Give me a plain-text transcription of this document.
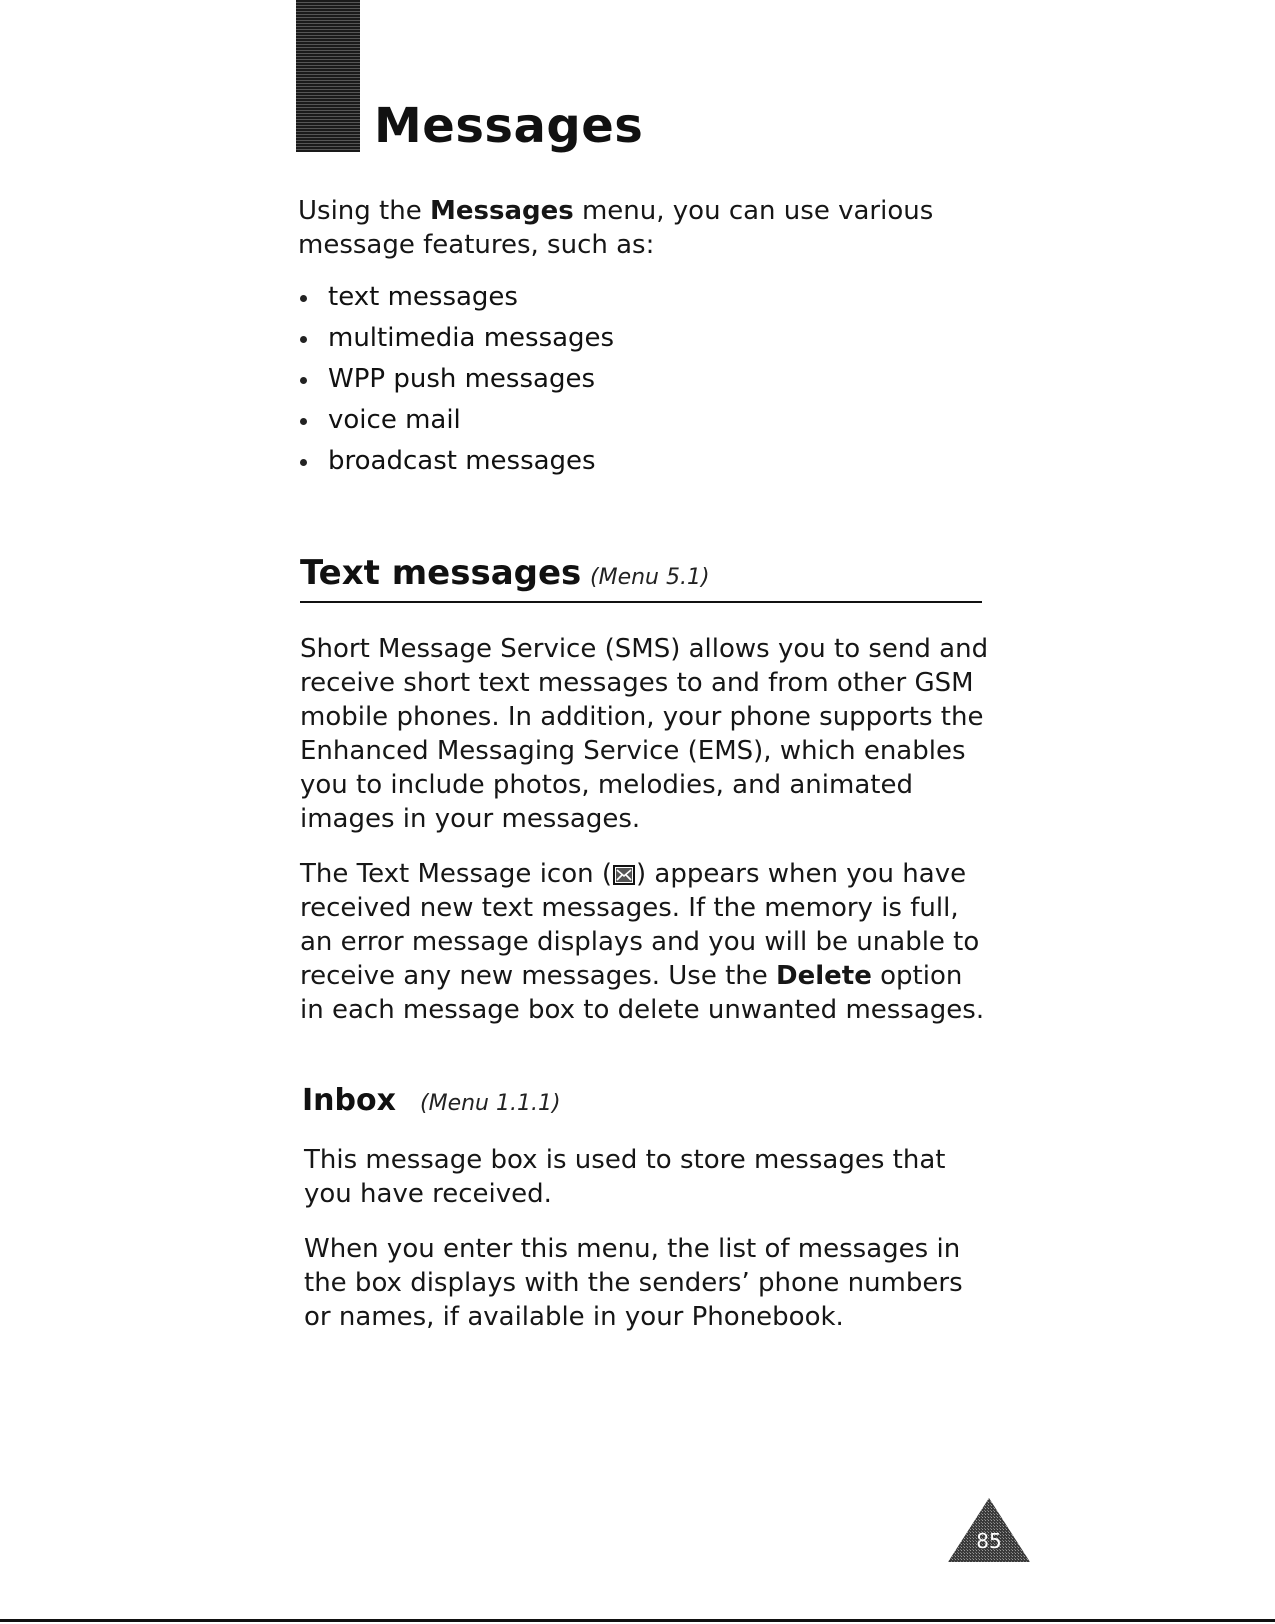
Messages

Using the Messages menu, you can use various message features, such as:

text messages
multimedia messages
WPP push messages
voice mail
broadcast messages
Text messages (Menu 5.1)

Short Message Service (SMS) allows you to send and receive short text messages to and from other GSM mobile phones. In addition, your phone supports the Enhanced Messaging Service (EMS), which enables you to include photos, melodies, and animated images in your messages.

The Text Message icon ( ) appears when you have received new text messages. If the memory is full, an error message displays and you will be unable to receive any new messages. Use the Delete option in each message box to delete unwanted messages.

Inbox (Menu 1.1.1)

This message box is used to store messages that you have received.

When you enter this menu, the list of messages in the box displays with the senders’ phone numbers or names, if available in your Phonebook.

85
